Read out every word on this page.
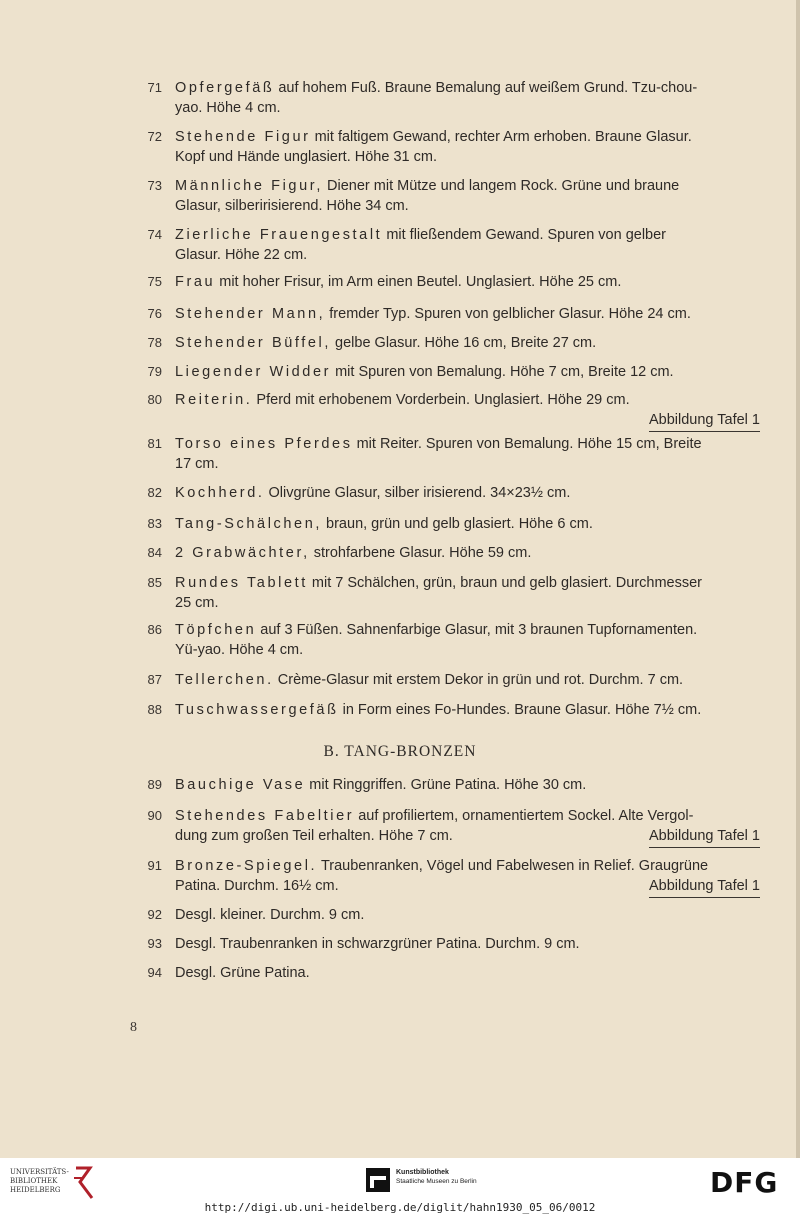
71 Opfergefäß auf hohem Fuß. Braune Bemalung auf weißem Grund. Tzu-chou-
yao. Höhe 4 cm.
72 Stehende Figur mit faltigem Gewand, rechter Arm erhoben. Braune Glasur.
Kopf und Hände unglasiert. Höhe 31 cm.
73 Männliche Figur, Diener mit Mütze und langem Rock. Grüne und braune
Glasur, silberirisierend. Höhe 34 cm.
74 Zierliche Frauengestalt mit fließendem Gewand. Spuren von gelber
Glasur. Höhe 22 cm.
75 Frau mit hoher Frisur, im Arm einen Beutel. Unglasiert. Höhe 25 cm.
76 Stehender Mann, fremder Typ. Spuren von gelblicher Glasur. Höhe 24 cm.
78 Stehender Büffel, gelbe Glasur. Höhe 16 cm, Breite 27 cm.
79 Liegender Widder mit Spuren von Bemalung. Höhe 7 cm, Breite 12 cm.
80 Reiterin. Pferd mit erhobenem Vorderbein. Unglasiert. Höhe 29 cm.
Abbildung Tafel 1
81 Torso eines Pferdes mit Reiter. Spuren von Bemalung. Höhe 15 cm, Breite
17 cm.
82 Kochherd. Olivgrüne Glasur, silber irisierend. 34×23½ cm.
83 Tang-Schälchen, braun, grün und gelb glasiert. Höhe 6 cm.
84 2 Grabwächter, strohfarbene Glasur. Höhe 59 cm.
85 Rundes Tablett mit 7 Schälchen, grün, braun und gelb glasiert. Durchmesser
25 cm.
86 Töpfchen auf 3 Füßen. Sahnenfarbige Glasur, mit 3 braunen Tupfornamenten.
Yü-yao. Höhe 4 cm.
87 Tellerchen. Crème-Glasur mit erstem Dekor in grün und rot. Durchm. 7 cm.
88 Tuschwassergefäß in Form eines Fo-Hundes. Braune Glasur. Höhe 7½ cm.
B. TANG-BRONZEN
89 Bauchige Vase mit Ringgriffen. Grüne Patina. Höhe 30 cm.
90 Stehendes Fabeltier auf profiliertem, ornamentiertem Sockel. Alte Vergol-
dung zum großen Teil erhalten. Höhe 7 cm.	Abbildung Tafel 1
91 Bronze-Spiegel. Traubenranken, Vögel und Fabelwesen in Relief. Graugrüne
Patina. Durchm. 16½ cm.	Abbildung Tafel 1
92 Desgl. kleiner. Durchm. 9 cm.
93 Desgl. Traubenranken in schwarzgrüner Patina. Durchm. 9 cm.
94 Desgl. Grüne Patina.
8
UNIVERSITÄTS-
BIBLIOTHEK
HEIDELBERG
Kunstbibliothek
Staatliche Museen zu Berlin	DFG
http://digi.ub.uni-heidelberg.de/diglit/hahn1930_05_06/0012
